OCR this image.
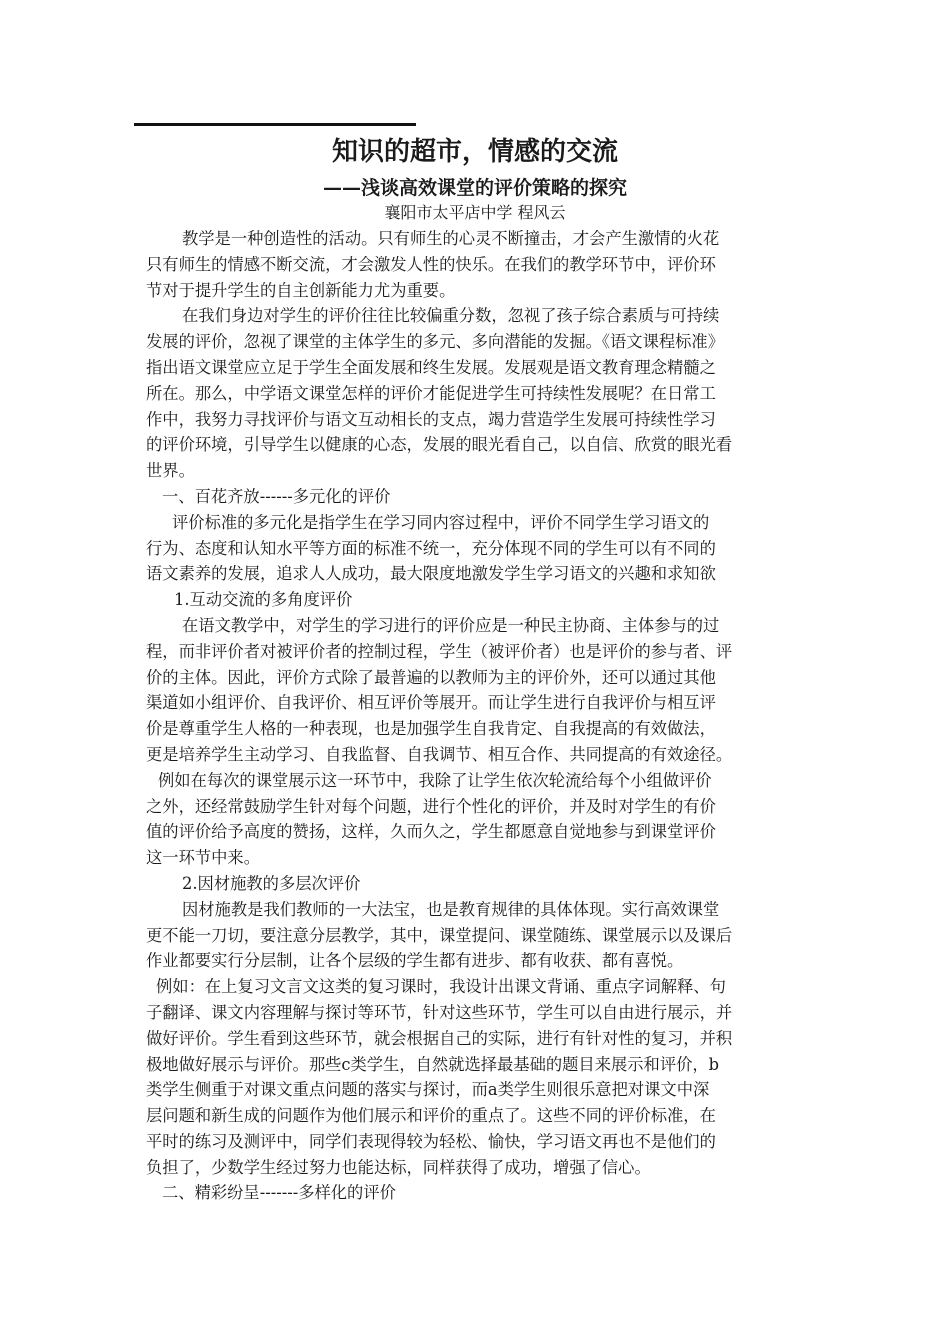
知识的超市，情感的交流
——浅谈高效课堂的评价策略的探究
襄阳市太平店中学 程风云
教学是一种创造性的活动。只有师生的心灵不断撞击，才会产生激情的火花
只有师生的情感不断交流，才会激发人性的快乐。在我们的教学环节中，评价环
节对于提升学生的自主创新能力尤为重要。
在我们身边对学生的评价往往比较偏重分数，忽视了孩子综合素质与可持续
发展的评价，忽视了课堂的主体学生的多元、多向潜能的发掘。《语文课程标准》
指出语文课堂应立足于学生全面发展和终生发展。发展观是语文教育理念精髓之
所在。那么，中学语文课堂怎样的评价才能促进学生可持续性发展呢？在日常工
作中，我努力寻找评价与语文互动相长的支点，竭力营造学生发展可持续性学习
的评价环境，引导学生以健康的心态，发展的眼光看自己，以自信、欣赏的眼光看
世界。
一、百花齐放------多元化的评价
评价标准的多元化是指学生在学习同内容过程中，评价不同学生学习语文的
行为、态度和认知水平等方面的标准不统一，充分体现不同的学生可以有不同的
语文素养的发展，追求人人成功，最大限度地激发学生学习语文的兴趣和求知欲
1.互动交流的多角度评价
在语文教学中，对学生的学习进行的评价应是一种民主协商、主体参与的过
程，而非评价者对被评价者的控制过程，学生（被评价者）也是评价的参与者、评
价的主体。因此，评价方式除了最普遍的以教师为主的评价外，还可以通过其他
渠道如小组评价、自我评价、相互评价等展开。而让学生进行自我评价与相互评
价是尊重学生人格的一种表现，也是加强学生自我肯定、自我提高的有效做法，
更是培养学生主动学习、自我监督、自我调节、相互合作、共同提高的有效途径。
例如在每次的课堂展示这一环节中，我除了让学生依次轮流给每个小组做评价
之外，还经常鼓励学生针对每个问题，进行个性化的评价，并及时对学生的有价
值的评价给予高度的赞扬，这样，久而久之，学生都愿意自觉地参与到课堂评价
这一环节中来。
2.因材施教的多层次评价
因材施教是我们教师的一大法宝，也是教育规律的具体体现。实行高效课堂
更不能一刀切，要注意分层教学，其中，课堂提问、课堂随练、课堂展示以及课后
作业都要实行分层制，让各个层级的学生都有进步、都有收获、都有喜悦。
例如：在上复习文言文这类的复习课时，我设计出课文背诵、重点字词解释、句
子翻译、课文内容理解与探讨等环节，针对这些环节，学生可以自由进行展示，并
做好评价。学生看到这些环节，就会根据自己的实际，进行有针对性的复习，并积
极地做好展示与评价。那些c类学生，自然就选择最基础的题目来展示和评价，b
类学生侧重于对课文重点问题的落实与探讨，而a类学生则很乐意把对课文中深
层问题和新生成的问题作为他们展示和评价的重点了。这些不同的评价标准，在
平时的练习及测评中，同学们表现得较为轻松、愉快，学习语文再也不是他们的
负担了，少数学生经过努力也能达标，同样获得了成功，增强了信心。
二、精彩纷呈-------多样化的评价
